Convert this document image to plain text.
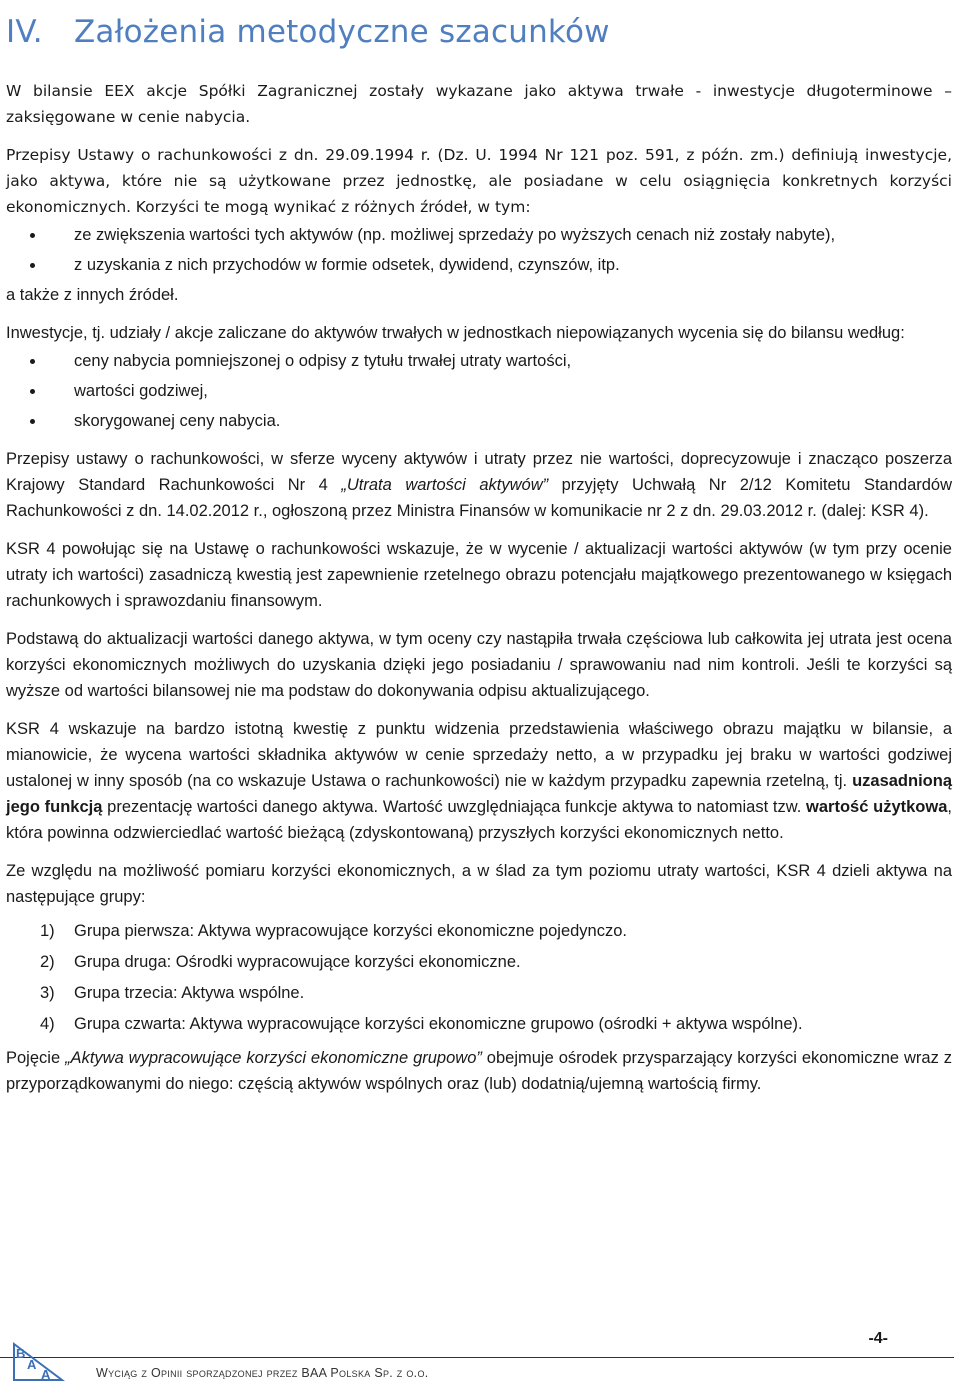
IV. Założenia metodyczne szacunków

W bilansie EEX akcje Spółki Zagranicznej zostały wykazane jako aktywa trwałe - inwestycje długoterminowe – zaksięgowane w cenie nabycia.

Przepisy Ustawy o rachunkowości z dn. 29.09.1994 r. (Dz. U. 1994 Nr 121 poz. 591, z późn. zm.) definiują inwestycje, jako aktywa, które nie są użytkowane przez jednostkę, ale posiadane w celu osiągnięcia konkretnych korzyści ekonomicznych. Korzyści te mogą wynikać z różnych źródeł, w tym:

ze zwiększenia wartości tych aktywów (np. możliwej sprzedaży po wyższych cenach niż zostały nabyte),
z uzyskania z nich przychodów w formie odsetek, dywidend, czynszów, itp.

a także z innych źródeł.

Inwestycje, tj. udziały / akcje zaliczane do aktywów trwałych w jednostkach niepowiązanych wycenia się do bilansu według:

ceny nabycia pomniejszonej o odpisy z tytułu trwałej utraty wartości,
wartości godziwej,
skorygowanej ceny nabycia.

Przepisy ustawy o rachunkowości, w sferze wyceny aktywów i utraty przez nie wartości, doprecyzowuje i znacząco poszerza Krajowy Standard Rachunkowości Nr 4 „Utrata wartości aktywów” przyjęty Uchwałą Nr 2/12 Komitetu Standardów Rachunkowości z dn. 14.02.2012 r., ogłoszoną przez Ministra Finansów w komunikacie nr 2 z dn. 29.03.2012 r. (dalej: KSR 4).

KSR 4 powołując się na Ustawę o rachunkowości wskazuje, że w wycenie / aktualizacji wartości aktywów (w tym przy ocenie utraty ich wartości) zasadniczą kwestią jest zapewnienie rzetelnego obrazu potencjału majątkowego prezentowanego w księgach rachunkowych i sprawozdaniu finansowym.

Podstawą do aktualizacji wartości danego aktywa, w tym oceny czy nastąpiła trwała częściowa lub całkowita jej utrata jest ocena korzyści ekonomicznych możliwych do uzyskania dzięki jego posiadaniu / sprawowaniu nad nim kontroli. Jeśli te korzyści są wyższe od wartości bilansowej nie ma podstaw do dokonywania odpisu aktualizującego.

KSR 4 wskazuje na bardzo istotną kwestię z punktu widzenia przedstawienia właściwego obrazu majątku w bilansie, a mianowicie, że wycena wartości składnika aktywów w cenie sprzedaży netto, a w przypadku jej braku w wartości godziwej ustalonej w inny sposób (na co wskazuje Ustawa o rachunkowości) nie w każdym przypadku zapewnia rzetelną, tj. uzasadnioną jego funkcją prezentację wartości danego aktywa. Wartość uwzględniająca funkcje aktywa to natomiast tzw. wartość użytkowa, która powinna odzwierciedlać wartość bieżącą (zdyskontowaną) przyszłych korzyści ekonomicznych netto.

Ze względu na możliwość pomiaru korzyści ekonomicznych, a w ślad za tym poziomu utraty wartości, KSR 4 dzieli aktywa na następujące grupy:

1) Grupa pierwsza: Aktywa wypracowujące korzyści ekonomiczne pojedynczo.
2) Grupa druga: Ośrodki wypracowujące korzyści ekonomiczne.
3) Grupa trzecia: Aktywa wspólne.
4) Grupa czwarta: Aktywa wypracowujące korzyści ekonomiczne grupowo (ośrodki + aktywa wspólne).

Pojęcie „Aktywa wypracowujące korzyści ekonomiczne grupowo” obejmuje ośrodek przysparzający korzyści ekonomiczne wraz z przyporządkowanymi do niego: częścią aktywów wspólnych oraz (lub) dodatnią/ujemną wartością firmy.

-4-
B
A
A	Wyciąg z Opinii sporządzonej przez BAA Polska Sp. z o.o.
